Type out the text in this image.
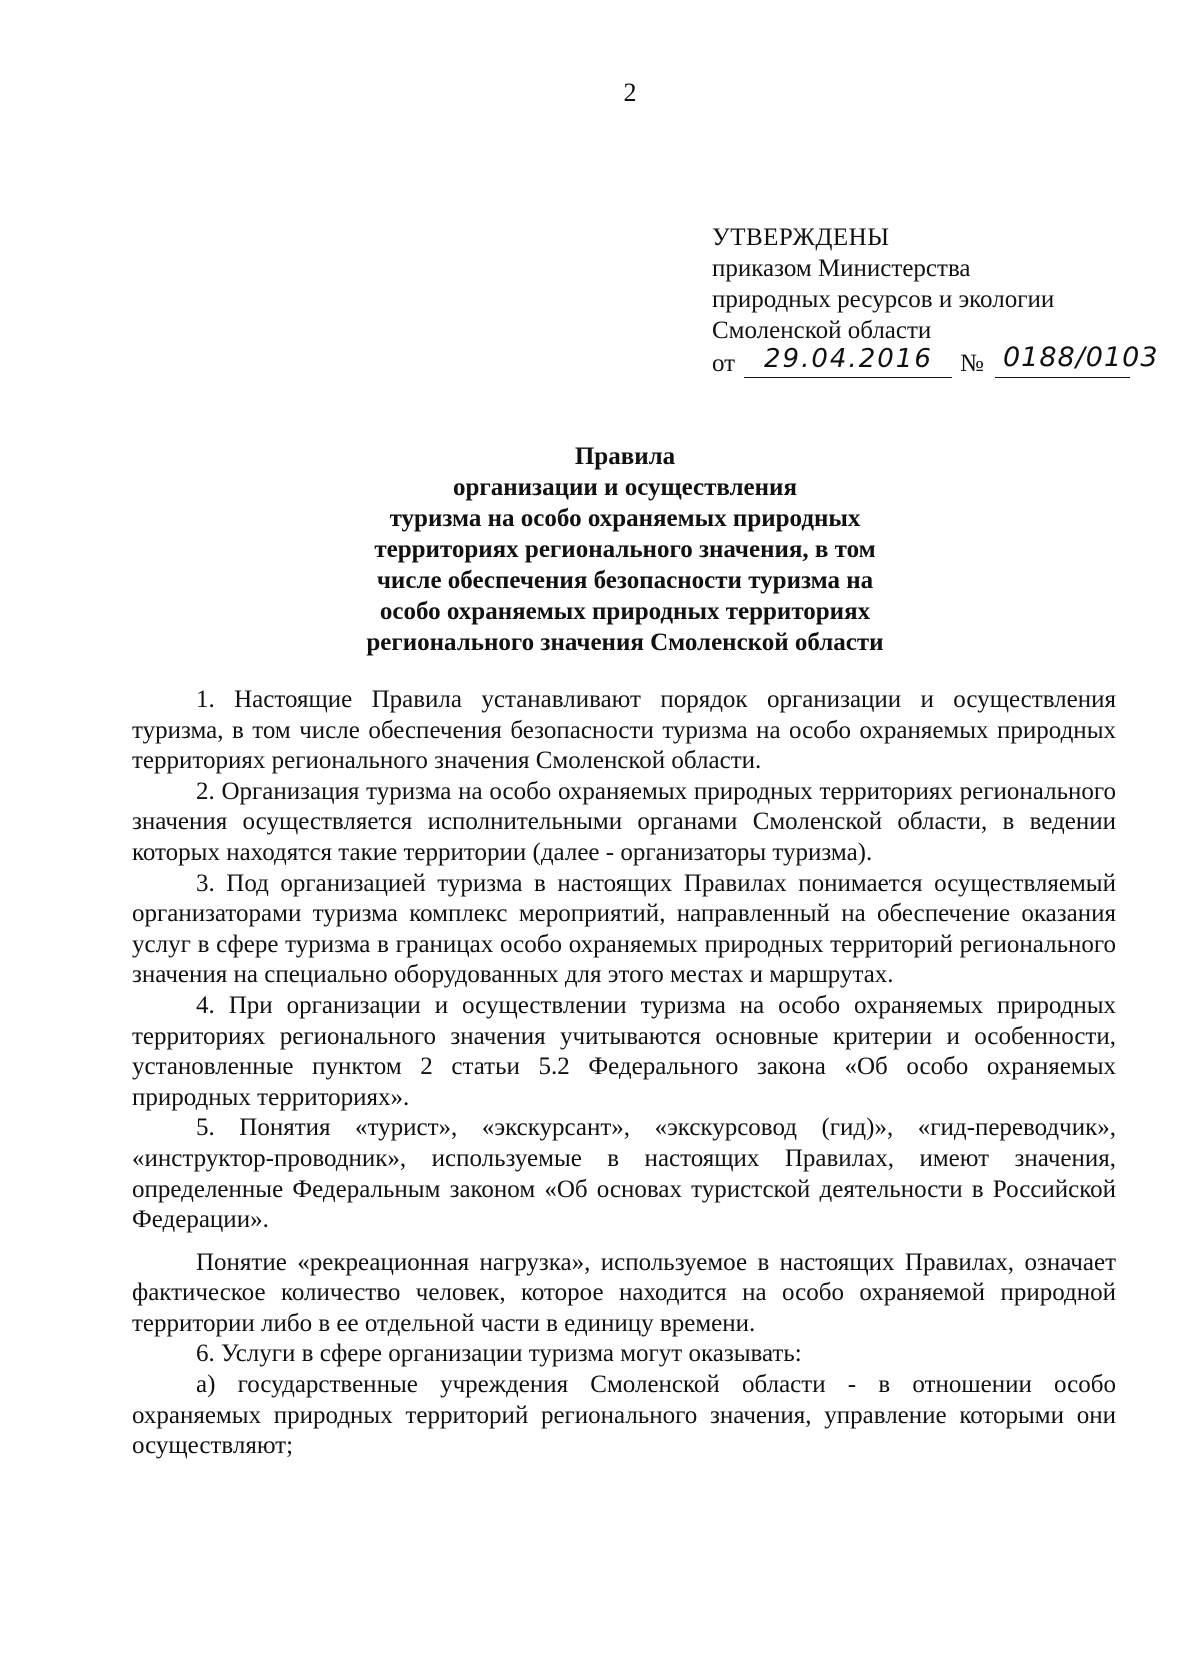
2
УТВЕРЖДЕНЫ
приказом Министерства
природных ресурсов и экологии
Смоленской области
от	29.04.2016	№ 0188/0103
Правила
организации и осуществления
туризма на особо охраняемых природных
территориях регионального значения, в том
числе обеспечения безопасности туризма на
особо охраняемых природных территориях
регионального значения Смоленской области

1. Настоящие Правила устанавливают порядок организации и осуществления туризма, в том числе обеспечения безопасности туризма на особо охраняемых природных территориях регионального значения Смоленской области.

2. Организация туризма на особо охраняемых природных территориях регионального значения осуществляется исполнительными органами Смоленской области, в ведении которых находятся такие территории (далее - организаторы туризма).

3. Под организацией туризма в настоящих Правилах понимается осуществляемый организаторами туризма комплекс мероприятий, направленный на обеспечение оказания услуг в сфере туризма в границах особо охраняемых природных территорий регионального значения на специально оборудованных для этого местах и маршрутах.

4. При организации и осуществлении туризма на особо охраняемых природных территориях регионального значения учитываются основные критерии и особенности, установленные пунктом 2 статьи 5.2 Федерального закона «Об особо охраняемых природных территориях».

5. Понятия «турист», «экскурсант», «экскурсовод (гид)», «гид-переводчик», «инструктор-проводник», используемые в настоящих Правилах, имеют значения, определенные Федеральным законом «Об основах туристской деятельности в Российской Федерации».

Понятие «рекреационная нагрузка», используемое в настоящих Правилах, означает фактическое количество человек, которое находится на особо охраняемой природной территории либо в ее отдельной части в единицу времени.

6. Услуги в сфере организации туризма могут оказывать:

а) государственные учреждения Смоленской области - в отношении особо охраняемых природных территорий регионального значения, управление которыми они осуществляют;
